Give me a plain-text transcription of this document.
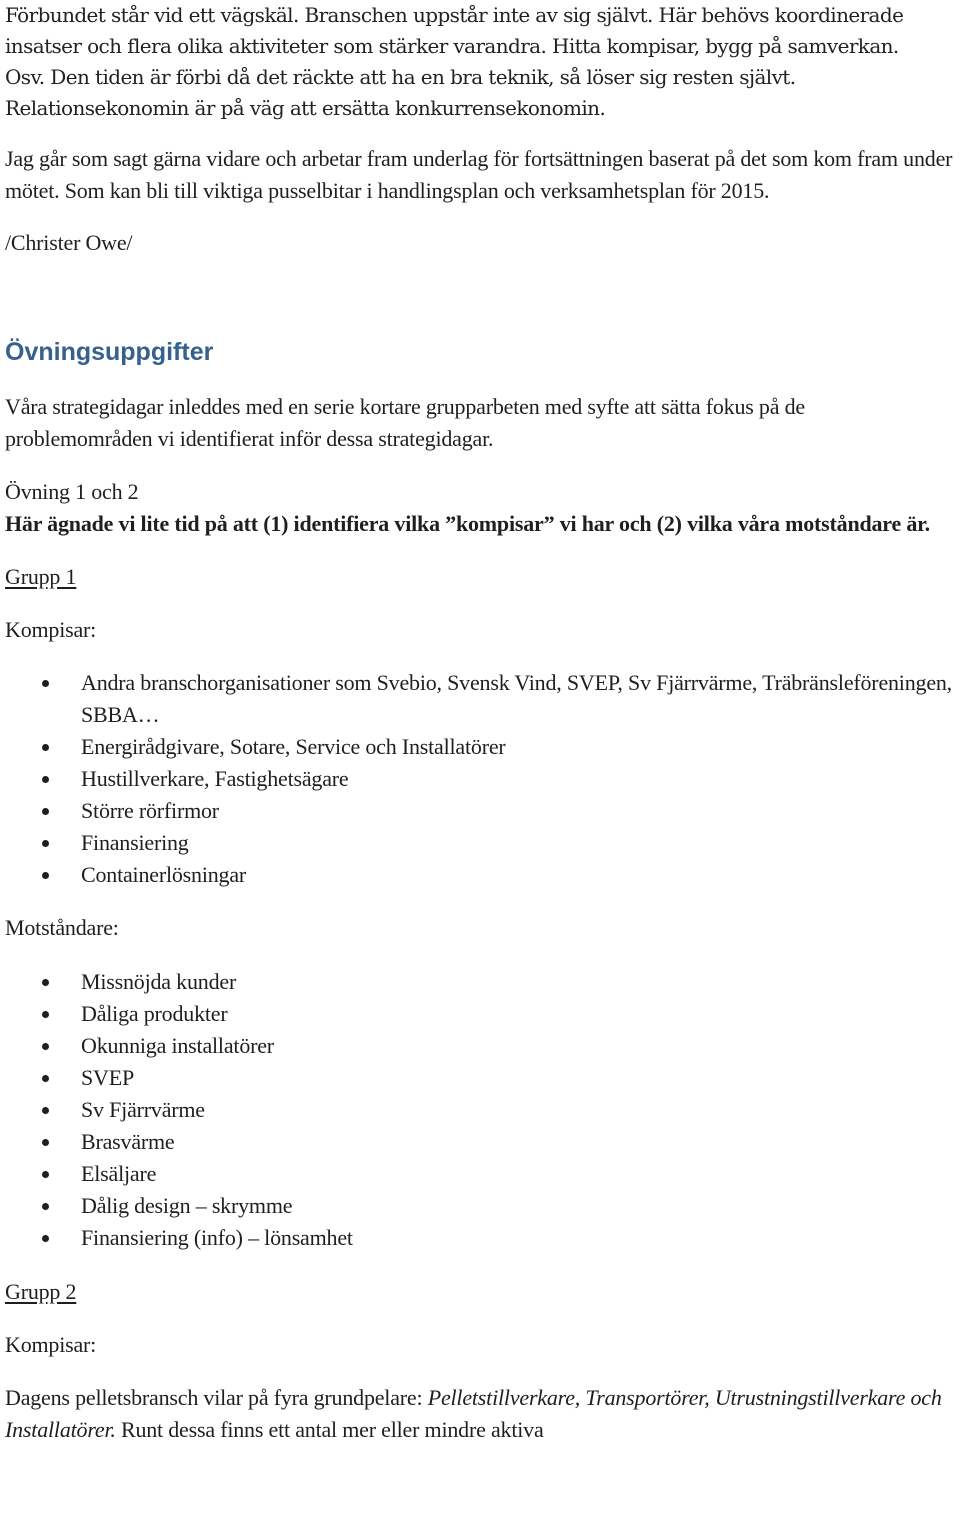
Förbundet står vid ett vägskäl. Branschen uppstår inte av sig självt. Här behövs koordinerade insatser och flera olika aktiviteter som stärker varandra. Hitta kompisar, bygg på samverkan. Osv. Den tiden är förbi då det räckte att ha en bra teknik, så löser sig resten självt. Relationsekonomin är på väg att ersätta konkurrensekonomin.

Jag går som sagt gärna vidare och arbetar fram underlag för fortsättningen baserat på det som kom fram under mötet. Som kan bli till viktiga pusselbitar i handlingsplan och verksamhetsplan för 2015.

/Christer Owe/

Övningsuppgifter

Våra strategidagar inleddes med en serie kortare grupparbeten med syfte att sätta fokus på de problemområden vi identifierat inför dessa strategidagar.

Övning 1 och 2

Här ägnade vi lite tid på att (1) identifiera vilka ”kompisar” vi har och (2) vilka våra motståndare är.

Grupp 1

Kompisar:

Andra branschorganisationer som Svebio, Svensk Vind, SVEP, Sv Fjärrvärme, Träbränsleföreningen, SBBA…
Energirådgivare, Sotare, Service och Installatörer
Hustillverkare, Fastighetsägare
Större rörfirmor
Finansiering
Containerlösningar

Motståndare:

Missnöjda kunder
Dåliga produkter
Okunniga installatörer
SVEP
Sv Fjärrvärme
Brasvärme
Elsäljare
Dålig design – skrymme
Finansiering (info) – lönsamhet

Grupp 2

Kompisar:

Dagens pelletsbransch vilar på fyra grundpelare: Pelletstillverkare, Transportörer, Utrustningstillverkare och Installatörer. Runt dessa finns ett antal mer eller mindre aktiva
